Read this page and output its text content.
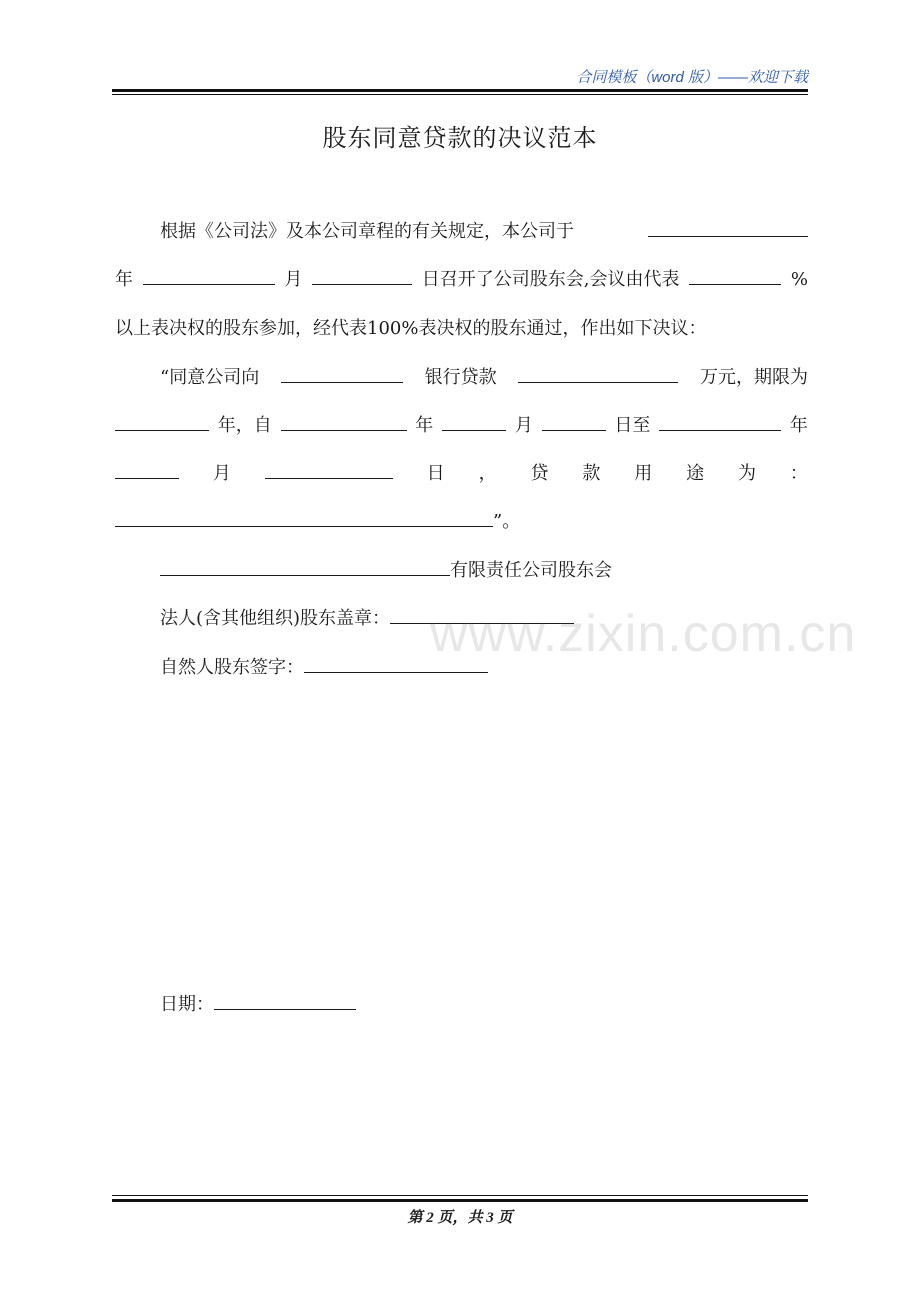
合同模板（word 版）——欢迎下载
股东同意贷款的决议范本
根据《公司法》及本公司章程的有关规定，本公司于
年	月	日召开了公司股东会,会议由代表	%
以上表决权的股东参加，经代表100%表决权的股东通过，作出如下决议：
“同意公司向	银行贷款	万元，期限为
年，自	年	月	日至	年
月	日 ， 贷 款 用 途 为 ：
”。
有限责任公司股东会
法人(含其他组织)股东盖章：
自然人股东签字：
www.zixin.com.cn
日期：
第 2 页，共 3 页
